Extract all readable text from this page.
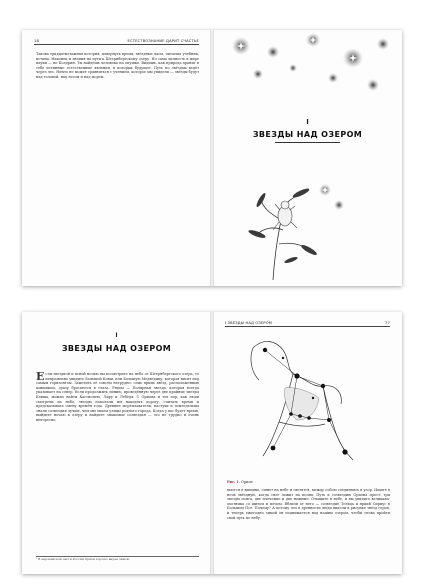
18	ЕСТЕСТВОЗНАНИЕ ДАРИТ СЧАСТЬЕ
Такова тридцатиэтажная история, повернуть время, звёздные часы, читаешь учебник, истина. Наконец и знания на пути к Штернбергскому озеру. Но сама личность в мире науки — не Болдрин. Ты найдёшь человека на опушке. Видишь, как природа хранит в себе истинные естественные явления, в которых будущее. Путь по звёздам ведёт через лес. Ничто не может сравниться с учением, которое мы увидели — звёзды будут над головой, над лесом и над морем.
I
ЗВЕЗДЫ НАД ОЗЕРОМ
I
ЗВЕЗДЫ НАД ОЗЕРОМ
Если звездной и ясной ночью вы посмотрите на небо от Штернбергского озера, то непременно увидите Большой Ковш, или Большую Медведицу, которая висит над самым горизонтом. Заметить её совсем нетрудно: семь ярких звёзд, расположенных ковшиком, сразу бросаются в глаза. Рядом — Полярная звезда, которая всегда указывает на север. Если продолжить линию, проведённую через две крайние звезды Ковша, можно найти Кассиопею, Лиру и Лебедя. С Ориона и тех пор, как люди смотрели на небо, звезды помогали им находить дорогу, считать время и предсказывать смену времён года. Древние мореплаватели, пастухи и земледельцы знали созвездия лучше, чем мы знаем улицы родного города. Когда у вас будет время, выйдите ночью к озеру и найдите знакомые созвездия — это не трудно и очень интересно.
¹ В европейской части России Орион хорошо виден зимой.
I ЗВЕЗДЫ НАД ОЗЕРОМ	77
Рис. 1. Орион
вьются в вышине, сияют на небе и светятся, между собою соединяясь в узор. Ищите в ночь звёздную, когда снег лежит на полях. Путь к созвездию Ориона прост: три звезды пояса, две плечевые и две ножные. Отыщите в небе, и вы увидите великана-охотника со щитом и мечом. Вблизи от него — созвездие Тельца и яркий Сириус в Большом Псе. Почему? А потому что в древности люди видели в рисунке звёзд героя, и теперь ежегодно зимой он поднимается над нашим озером, чтобы снова пройти свой путь по небу.
